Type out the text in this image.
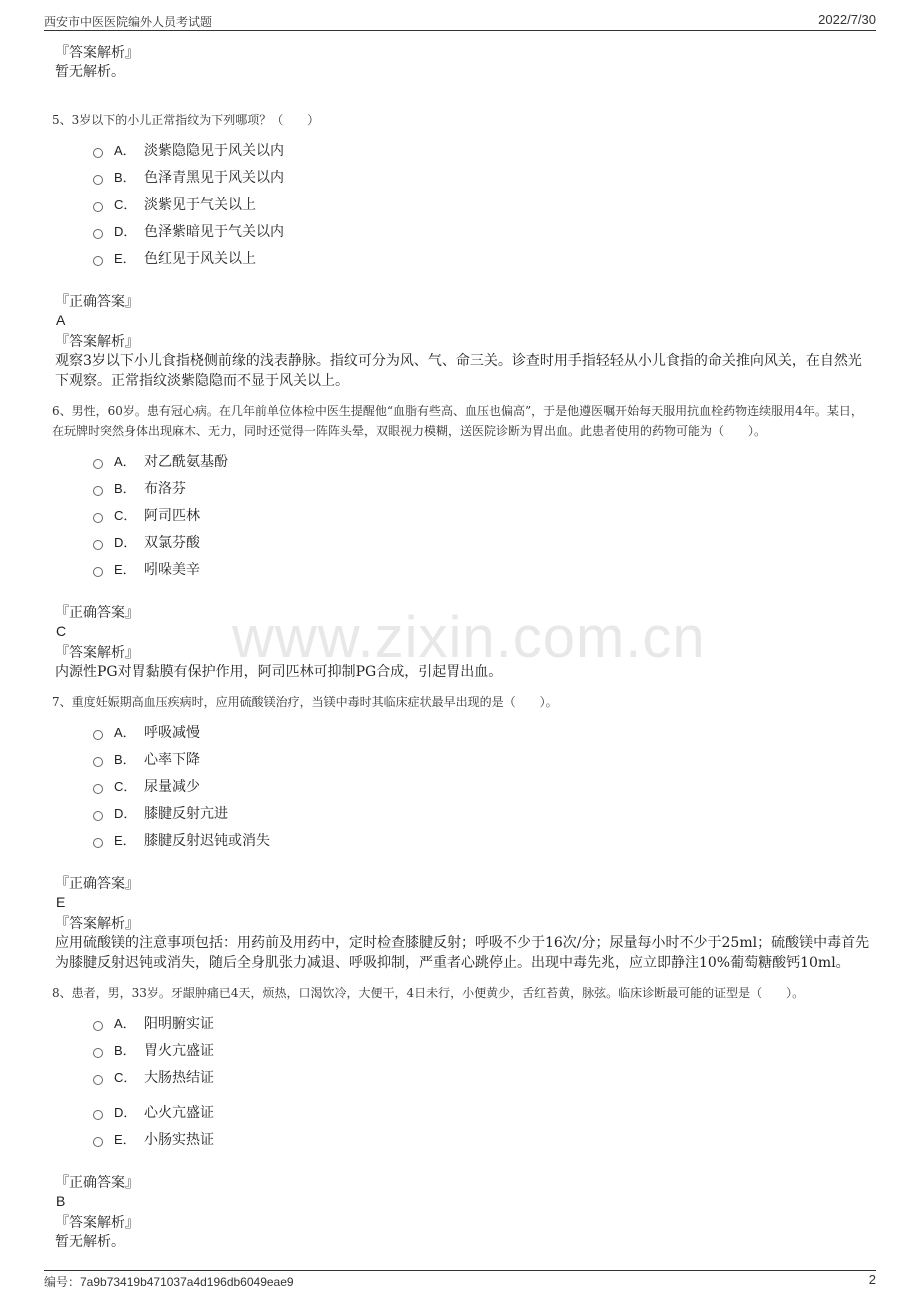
西安市中医医院编外人员考试题	2022/7/30
www.zixin.com.cn
『答案解析』
暂无解析。
5、3岁以下的小儿正常指纹为下列哪项？（　　）
A． 淡紫隐隐见于风关以内
B． 色泽青黑见于风关以内
C． 淡紫见于气关以上
D． 色泽紫暗见于气关以内
E． 色红见于风关以上
『正确答案』
A
『答案解析』
观察3岁以下小儿食指桡侧前缘的浅表静脉。指纹可分为风、气、命三关。诊查时用手指轻轻从小儿食指的命关推向风关，在自然光下观察。正常指纹淡紫隐隐而不显于风关以上。
6、男性，60岁。患有冠心病。在几年前单位体检中医生提醒他“血脂有些高、血压也偏高”，于是他遵医嘱开始每天服用抗血栓药物连续服用4年。某日，在玩牌时突然身体出现麻木、无力，同时还觉得一阵阵头晕，双眼视力模糊，送医院诊断为胃出血。此患者使用的药物可能为（　　）。
A． 对乙酰氨基酚
B． 布洛芬
C． 阿司匹林
D． 双氯芬酸
E． 吲哚美辛
『正确答案』
C
『答案解析』
内源性PG对胃黏膜有保护作用，阿司匹林可抑制PG合成，引起胃出血。
7、重度妊娠期高血压疾病时，应用硫酸镁治疗，当镁中毒时其临床症状最早出现的是（　　）。
A． 呼吸减慢
B． 心率下降
C． 尿量减少
D． 膝腱反射亢进
E． 膝腱反射迟钝或消失
『正确答案』
E
『答案解析』
应用硫酸镁的注意事项包括：用药前及用药中，定时检查膝腱反射；呼吸不少于16次/分；尿量每小时不少于25ml；硫酸镁中毒首先为膝腱反射迟钝或消失，随后全身肌张力减退、呼吸抑制，严重者心跳停止。出现中毒先兆，应立即静注10%葡萄糖酸钙10ml。
8、患者，男，33岁。牙龈肿痛已4天，烦热，口渴饮冷，大便干，4日未行，小便黄少，舌红苔黄，脉弦。临床诊断最可能的证型是（　　）。
A． 阳明腑实证
B． 胃火亢盛证
C． 大肠热结证
D． 心火亢盛证
E． 小肠实热证
『正确答案』
B
『答案解析』
暂无解析。
编号：7a9b73419b471037a4d196db6049eae9	2
